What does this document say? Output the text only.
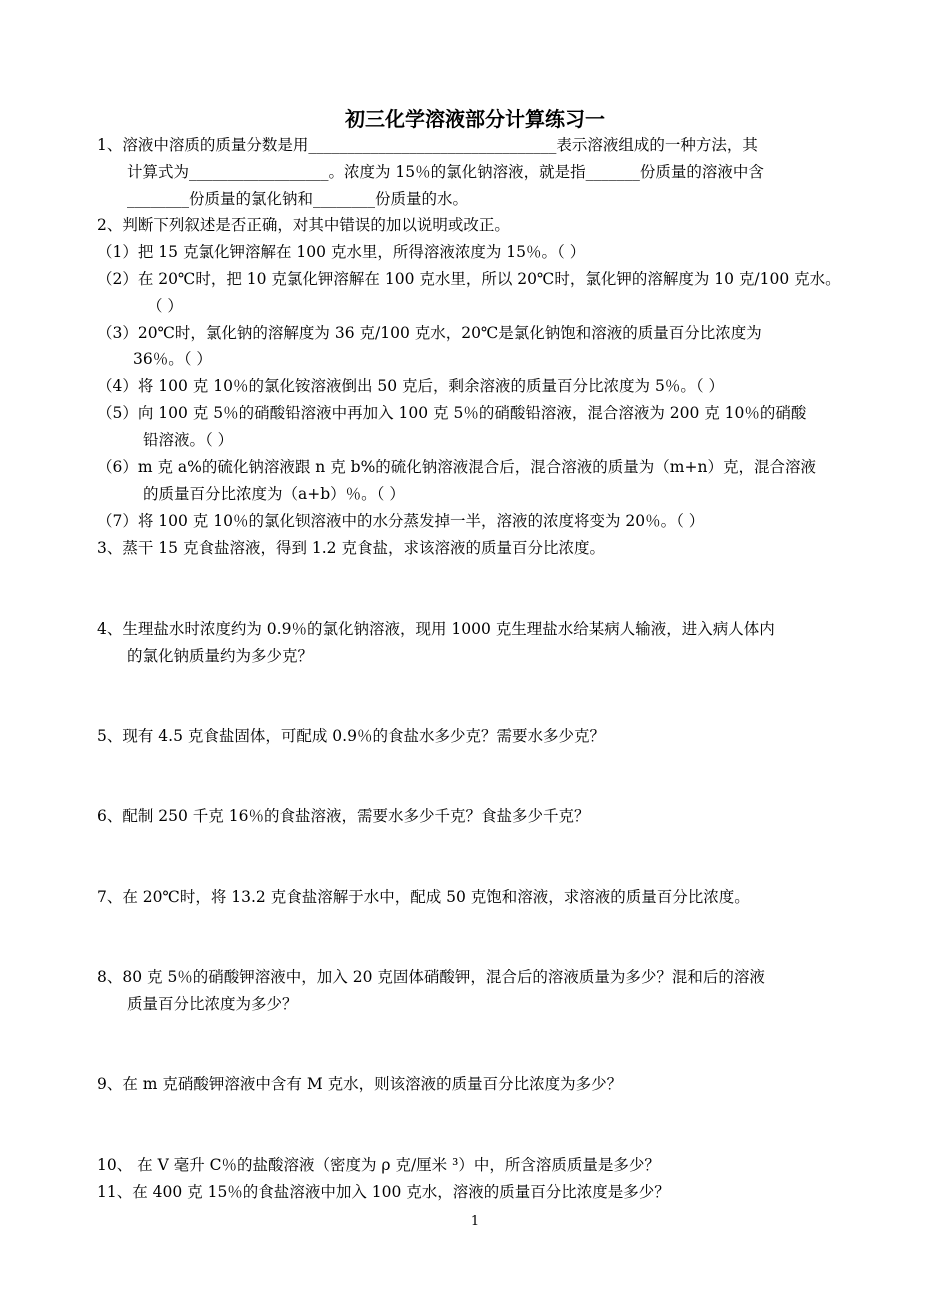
初三化学溶液部分计算练习一
1、溶液中溶质的质量分数是用________________________________表示溶液组成的一种方法，其
计算式为__________________。浓度为 15％的氯化钠溶液，就是指_______份质量的溶液中含
________份质量的氯化钠和________份质量的水。
2、判断下列叙述是否正确，对其中错误的加以说明或改正。
（1）把 15 克氯化钾溶解在 100 克水里，所得溶液浓度为 15％。（ ）
（2）在 20℃时，把 10 克氯化钾溶解在 100 克水里，所以 20℃时，氯化钾的溶解度为 10 克/100 克水。
（ ）
（3）20℃时，氯化钠的溶解度为 36 克/100 克水，20℃是氯化钠饱和溶液的质量百分比浓度为
36％。（ ）
（4）将 100 克 10％的氯化铵溶液倒出 50 克后，剩余溶液的质量百分比浓度为 5％。（ ）
（5）向 100 克 5％的硝酸铅溶液中再加入 100 克 5％的硝酸铅溶液，混合溶液为 200 克 10％的硝酸
铅溶液。（ ）
（6）m 克 a%的硫化钠溶液跟 n 克 b%的硫化钠溶液混合后，混合溶液的质量为（m+n）克，混合溶液
的质量百分比浓度为（a+b）％。（ ）
（7）将 100 克 10％的氯化钡溶液中的水分蒸发掉一半，溶液的浓度将变为 20％。（ ）
3、蒸干 15 克食盐溶液，得到 1.2 克食盐，求该溶液的质量百分比浓度。
4、生理盐水时浓度约为 0.9％的氯化钠溶液，现用 1000 克生理盐水给某病人输液，进入病人体内
的氯化钠质量约为多少克？
5、现有 4.5 克食盐固体，可配成 0.9％的食盐水多少克？需要水多少克？
6、配制 250 千克 16％的食盐溶液，需要水多少千克？食盐多少千克？
7、在 20℃时，将 13.2 克食盐溶解于水中，配成 50 克饱和溶液，求溶液的质量百分比浓度。
8、80 克 5％的硝酸钾溶液中，加入 20 克固体硝酸钾，混合后的溶液质量为多少？混和后的溶液
质量百分比浓度为多少？
9、在 m 克硝酸钾溶液中含有 M 克水，则该溶液的质量百分比浓度为多少？
10、 在 V 毫升 C％的盐酸溶液（密度为 ρ 克/厘米 ³）中，所含溶质质量是多少？
11、在 400 克 15％的食盐溶液中加入 100 克水，溶液的质量百分比浓度是多少？
1
